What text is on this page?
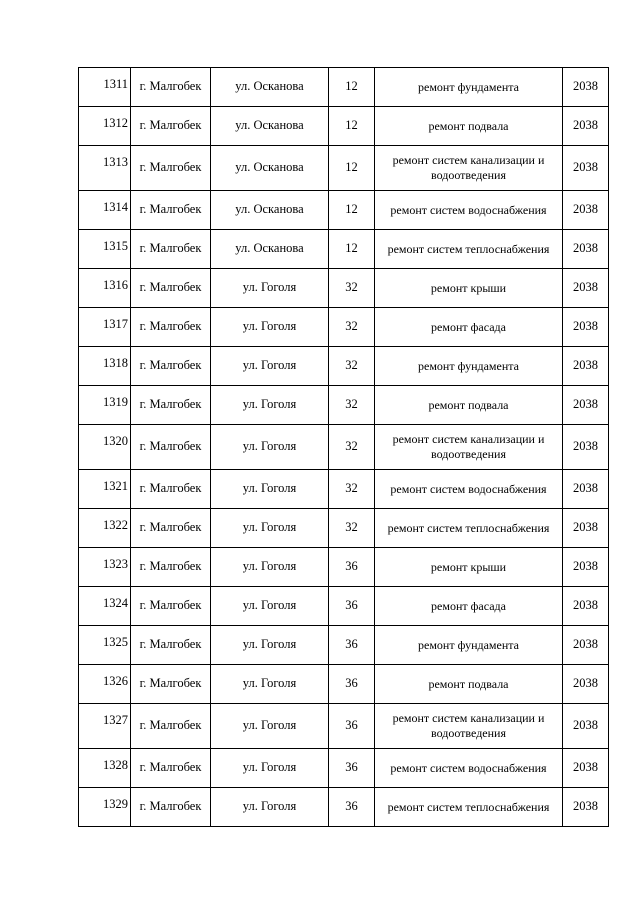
1311	г. Малгобек	ул. Осканова	12	ремонт фундамента	2038
1312	г. Малгобек	ул. Осканова	12	ремонт подвала	2038
1313	г. Малгобек	ул. Осканова	12	ремонт систем канализации и водоотведения	2038
1314	г. Малгобек	ул. Осканова	12	ремонт систем водоснабжения	2038
1315	г. Малгобек	ул. Осканова	12	ремонт систем теплоснабжения	2038
1316	г. Малгобек	ул. Гоголя	32	ремонт крыши	2038
1317	г. Малгобек	ул. Гоголя	32	ремонт фасада	2038
1318	г. Малгобек	ул. Гоголя	32	ремонт фундамента	2038
1319	г. Малгобек	ул. Гоголя	32	ремонт подвала	2038
1320	г. Малгобек	ул. Гоголя	32	ремонт систем канализации и водоотведения	2038
1321	г. Малгобек	ул. Гоголя	32	ремонт систем водоснабжения	2038
1322	г. Малгобек	ул. Гоголя	32	ремонт систем теплоснабжения	2038
1323	г. Малгобек	ул. Гоголя	36	ремонт крыши	2038
1324	г. Малгобек	ул. Гоголя	36	ремонт фасада	2038
1325	г. Малгобек	ул. Гоголя	36	ремонт фундамента	2038
1326	г. Малгобек	ул. Гоголя	36	ремонт подвала	2038
1327	г. Малгобек	ул. Гоголя	36	ремонт систем канализации и водоотведения	2038
1328	г. Малгобек	ул. Гоголя	36	ремонт систем водоснабжения	2038
1329	г. Малгобек	ул. Гоголя	36	ремонт систем теплоснабжения	2038
